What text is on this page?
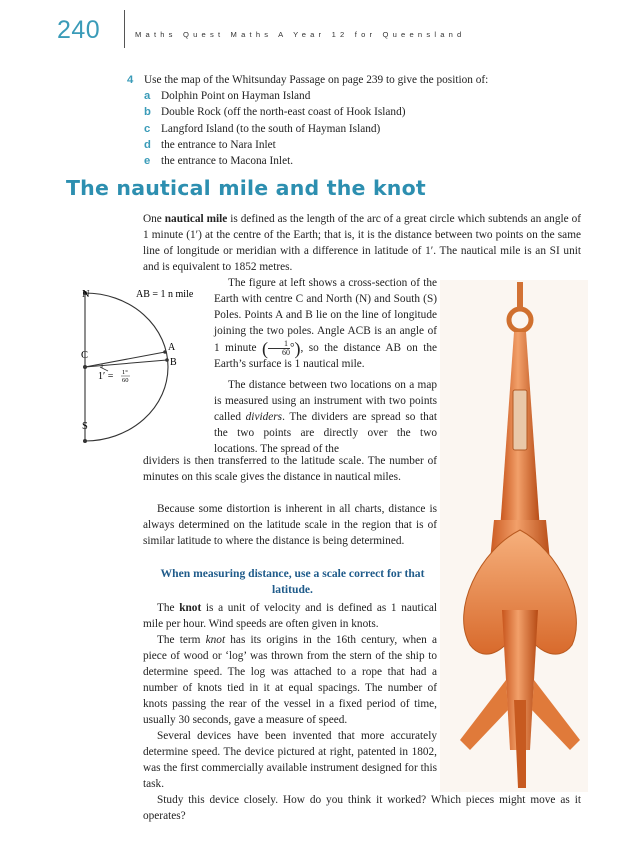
240	Maths Quest Maths A Year 12 for Queensland
4 Use the map of the Whitsunday Passage on page 239 to give the position of:
a Dolphin Point on Hayman Island
b Double Rock (off the north-east coast of Hook Island)
c Langford Island (to the south of Hayman Island)
d the entrance to Nara Inlet
e the entrance to Macona Inlet.
The nautical mile and the knot
One nautical mile is defined as the length of the arc of a great circle which subtends an angle of 1 minute (1′) at the centre of the Earth; that is, it is the distance between two points on the same line of longitude or meridian with a difference in latitude of 1′. The nautical mile is an SI unit and is equivalent to 1852 metres.
N
S
C
A
B
AB = 1 n mile
1′ = 1°
60
The figure at left shows a cross-section of the Earth with centre C and North (N) and South (S) Poles. Points A and B lie on the line of longitude joining the two poles. Angle ACB is an angle of 1 minute ( $\frac{1}{60}$ °), so the distance AB on the Earth’s surface is 1 nautical mile.
The distance between two locations on a map is measured using an instrument with two points called dividers. The dividers are spread so that the two points are directly over the two locations. The spread of the
dividers is then transferred to the latitude scale. The number of minutes on this scale gives the distance in nautical miles.
Because some distortion is inherent in all charts, distance is always determined on the latitude scale in the region that is of similar latitude to where the distance is being determined.
When measuring distance, use a scale correct for that latitude.
The knot is a unit of velocity and is defined as 1 nautical mile per hour. Wind speeds are often given in knots.
The term knot has its origins in the 16th century, when a piece of wood or ‘log’ was thrown from the stern of the ship to determine speed. The log was attached to a rope that had a number of knots tied in it at equal spacings. The number of knots passing the rear of the vessel in a fixed period of time, usually 30 seconds, gave a measure of speed.
Several devices have been invented that more accurately determine speed. The device pictured at right, patented in 1802, was the first commercially available instrument designed for this task.
Study this device closely. How do you think it worked? Which pieces might move as it operates?
